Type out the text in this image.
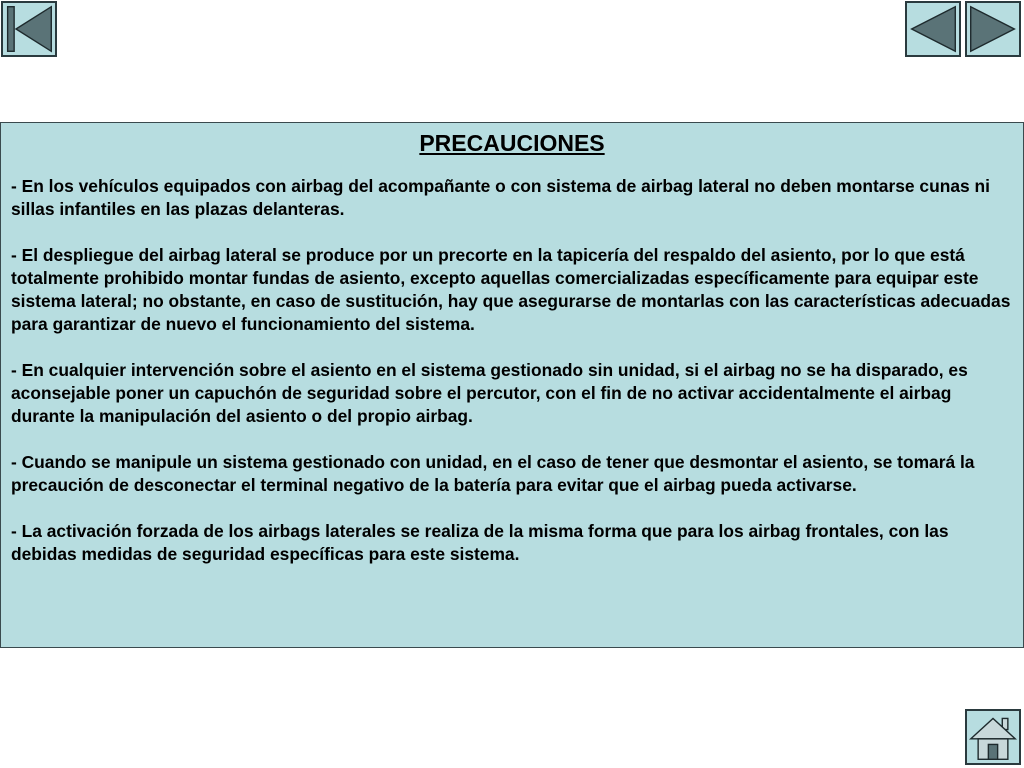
PRECAUCIONES

- En los vehículos equipados con airbag del acompañante o con sistema de airbag lateral no deben montarse cunas ni sillas infantiles en las plazas delanteras.

- El despliegue del airbag lateral se produce por un precorte en la tapicería del respaldo del asiento, por lo que está totalmente prohibido montar fundas de asiento, excepto aquellas comercializadas específicamente para equipar este sistema lateral; no obstante, en caso de sustitución, hay que asegurarse de montarlas con las características adecuadas para garantizar de nuevo el funcionamiento del sistema.

- En cualquier intervención sobre el asiento en el sistema gestionado sin unidad, si el airbag no se ha disparado, es aconsejable poner un capuchón de seguridad sobre el percutor, con el fin de no activar accidentalmente el airbag durante la manipulación del asiento o del propio airbag.

- Cuando se manipule un sistema gestionado con unidad, en el caso de tener que desmontar el asiento, se tomará la precaución de desconectar el terminal negativo de la batería para evitar que el airbag pueda activarse.

- La activación forzada de los airbags laterales se realiza de la misma forma que para los airbag frontales, con las debidas medidas de seguridad específicas para este sistema.
